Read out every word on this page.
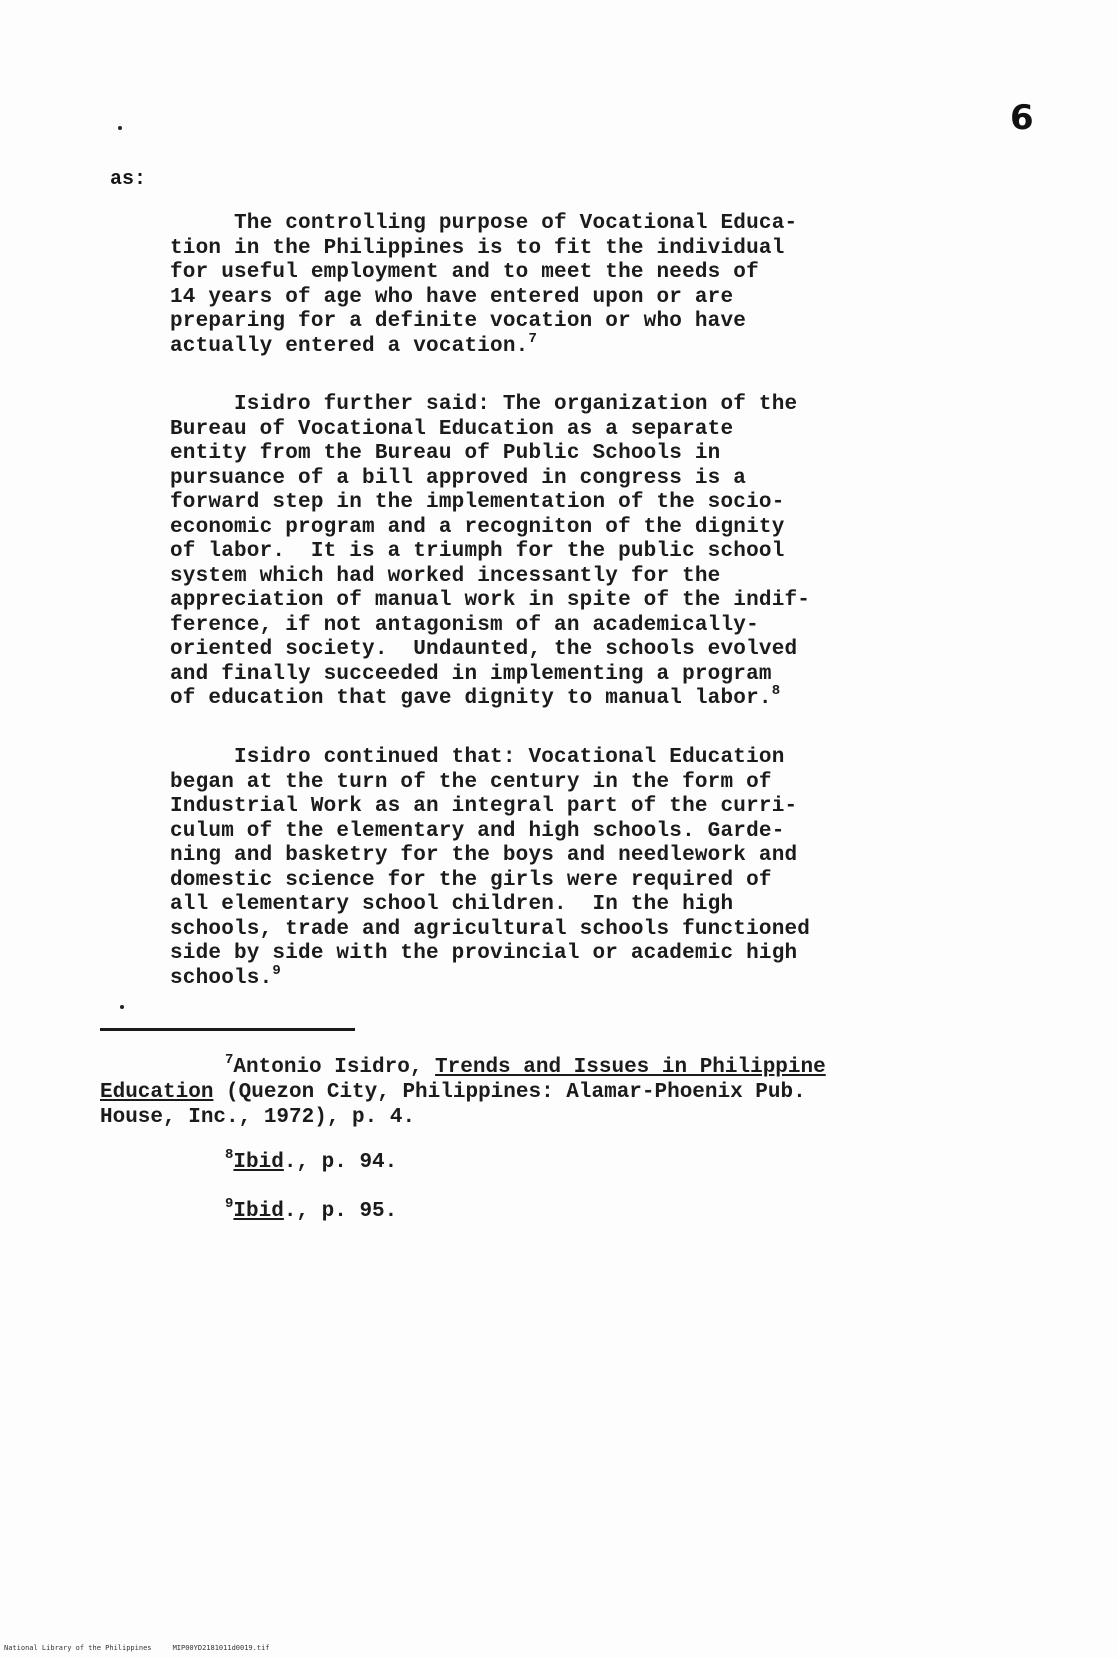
6
as:

The controlling purpose of Vocational Educa-
tion in the Philippines is to fit the individual
for useful employment and to meet the needs of
14 years of age who have entered upon or are
preparing for a definite vocation or who have
actually entered a vocation.$^7$

Isidro further said: The organization of the
Bureau of Vocational Education as a separate
entity from the Bureau of Public Schools in
pursuance of a bill approved in congress is a
forward step in the implementation of the socio-
economic program and a recogniton of the dignity
of labor.  It is a triumph for the public school
system which had worked incessantly for the
appreciation of manual work in spite of the indif-
ference, if not antagonism of an academically-
oriented society.  Undaunted, the schools evolved
and finally succeeded in implementing a program
of education that gave dignity to manual labor.$^8$

Isidro continued that: Vocational Education
began at the turn of the century in the form of
Industrial Work as an integral part of the curri-
culum of the elementary and high schools. Garde-
ning and basketry for the boys and needlework and
domestic science for the girls were required of
all elementary school children.  In the high
schools, trade and agricultural schools functioned
side by side with the provincial or academic high
schools.$^9$

$^7$Antonio Isidro, Trends and Issues in Philippine
Education (Quezon City, Philippines: Alamar-Phoenix Pub.
House, Inc., 1972), p. 4.
$^8$Ibid., p. 94.
$^9$Ibid., p. 95.
National Library of the Philippines     MIP00YD2181011d0019.tif
